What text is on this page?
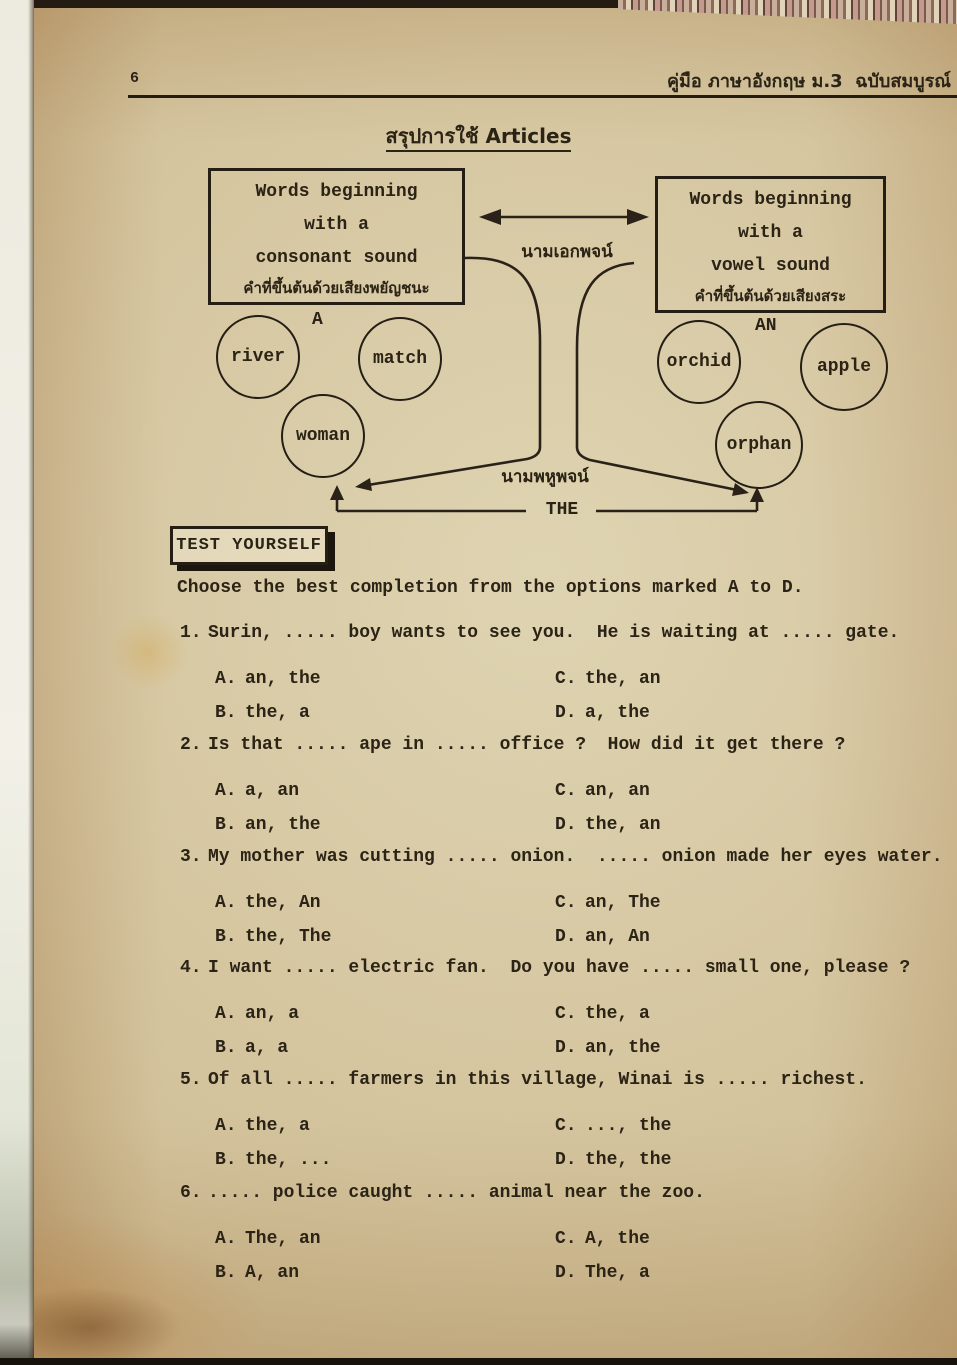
6	คู่มือ ภาษาอังกฤษ ม.3  ฉบับสมบูรณ์
สรุปการใช้ Articles
Words beginning
with a
consonant sound
คำที่ขึ้นต้นด้วยเสียงพยัญชนะ
Words beginning
with a
vowel sound
คำที่ขึ้นต้นด้วยเสียงสระ
นามเอกพจน์
นามพหูพจน์
A	AN
THE
river	match
woman
orchid	apple
orphan
TEST YOURSELF
Choose the best completion from the options marked A to D.
1. Surin, ..... boy wants to see you.  He is waiting at ..... gate.
A. an, the
B. the, a
C. the, an
D. a, the
2. Is that ..... ape in ..... office ?  How did it get there ?
A. a, an
B. an, the
C. an, an
D. the, an
3. My mother was cutting ..... onion.  ..... onion made her eyes water.
A. the, An
B. the, The
C. an, The
D. an, An
4. I want ..... electric fan.  Do you have ..... small one, please ?
A. an, a
B. a, a
C. the, a
D. an, the
5. Of all ..... farmers in this village, Winai is ..... richest.
A. the, a
B. the, ...
C. ..., the
D. the, the
6. ..... police caught ..... animal near the zoo.
A. The, an
B. A, an
C. A, the
D. The, a
